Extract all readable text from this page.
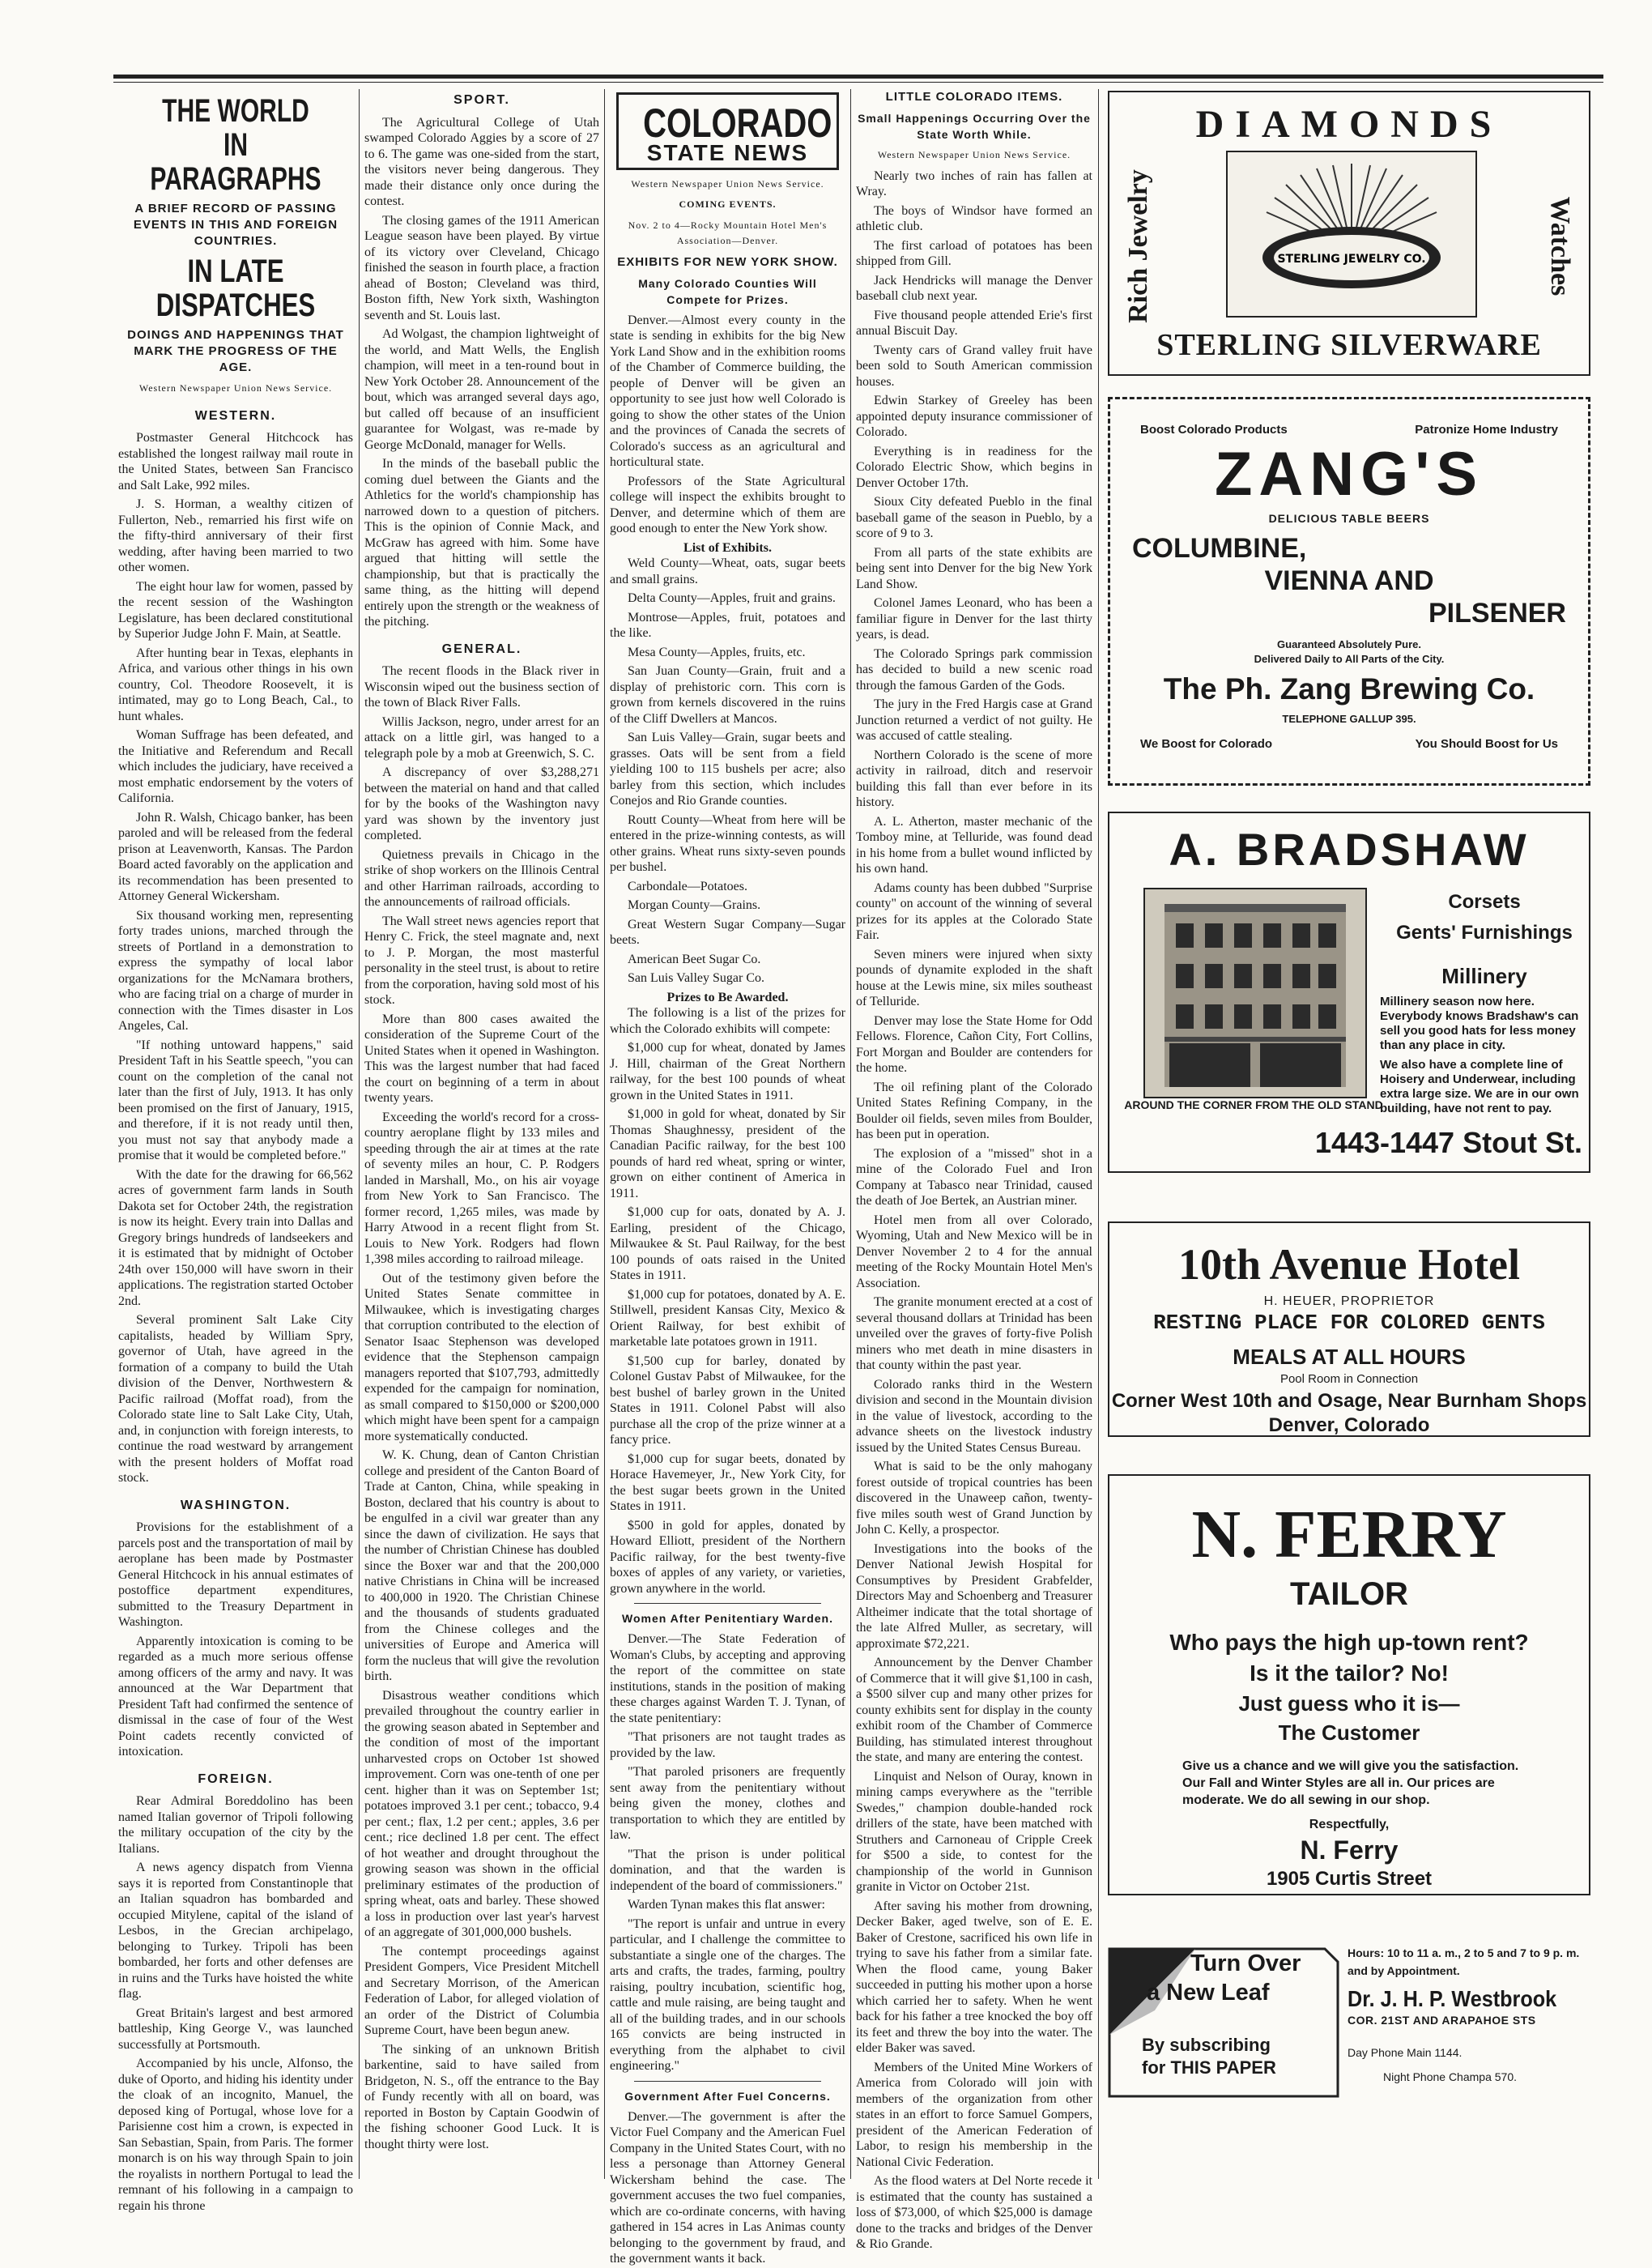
THE WORLD IN PARAGRAPHS
A BRIEF RECORD OF PASSING EVENTS IN THIS AND FOREIGN COUNTRIES.
IN LATE DISPATCHES
DOINGS AND HAPPENINGS THAT MARK THE PROGRESS OF THE AGE.
Western Newspaper Union News Service.
WESTERN.

Postmaster General Hitchcock has established the longest railway mail route in the United States, between San Francisco and Salt Lake, 992 miles.

J. S. Horman, a wealthy citizen of Fullerton, Neb., remarried his first wife on the fifty-third anniversary of their first wedding, after having been married to two other women.

The eight hour law for women, passed by the recent session of the Washington Legislature, has been declared constitutional by Superior Judge John F. Main, at Seattle.

After hunting bear in Texas, elephants in Africa, and various other things in his own country, Col. Theodore Roosevelt, it is intimated, may go to Long Beach, Cal., to hunt whales.

Woman Suffrage has been defeated, and the Initiative and Referendum and Recall which includes the judiciary, have received a most emphatic endorsement by the voters of California.

John R. Walsh, Chicago banker, has been paroled and will be released from the federal prison at Leavenworth, Kansas. The Pardon Board acted favorably on the application and its recommendation has been presented to Attorney General Wickersham.

Six thousand working men, representing forty trades unions, marched through the streets of Portland in a demonstration to express the sympathy of local labor organizations for the McNamara brothers, who are facing trial on a charge of murder in connection with the Times disaster in Los Angeles, Cal.

"If nothing untoward happens," said President Taft in his Seattle speech, "you can count on the completion of the canal not later than the first of July, 1913. It has only been promised on the first of January, 1915, and therefore, if it is not ready until then, you must not say that anybody made a promise that it would be completed before."

With the date for the drawing for 66,562 acres of government farm lands in South Dakota set for October 24th, the registration is now its height. Every train into Dallas and Gregory brings hundreds of landseekers and it is estimated that by midnight of October 24th over 150,000 will have sworn in their applications. The registration started October 2nd.

Several prominent Salt Lake City capitalists, headed by William Spry, governor of Utah, have agreed in the formation of a company to build the Utah division of the Denver, Northwestern & Pacific railroad (Moffat road), from the Colorado state line to Salt Lake City, Utah, and, in conjunction with foreign interests, to continue the road westward by arrangement with the present holders of Moffat road stock.

WASHINGTON.

Provisions for the establishment of a parcels post and the transportation of mail by aeroplane has been made by Postmaster General Hitchcock in his annual estimates of postoffice department expenditures, submitted to the Treasury Department in Washington.

Apparently intoxication is coming to be regarded as a much more serious offense among officers of the army and navy. It was announced at the War Department that President Taft had confirmed the sentence of dismissal in the case of four of the West Point cadets recently convicted of intoxication.

FOREIGN.

Rear Admiral Boreddolino has been named Italian governor of Tripoli following the military occupation of the city by the Italians.

A news agency dispatch from Vienna says it is reported from Constantinople that an Italian squadron has bombarded and occupied Mitylene, capital of the island of Lesbos, in the Grecian archipelago, belonging to Turkey. Tripoli has been bombarded, her forts and other defenses are in ruins and the Turks have hoisted the white flag.

Great Britain's largest and best armored battleship, King George V., was launched successfully at Portsmouth.

Accompanied by his uncle, Alfonso, the duke of Oporto, and hiding his identity under the cloak of an incognito, Manuel, the deposed king of Portugal, whose love for a Parisienne cost him a crown, is expected in San Sebastian, Spain, from Paris. The former monarch is on his way through Spain to join the royalists in northern Portugal to lead the remnant of his following in a campaign to regain his throne

SPORT.

The Agricultural College of Utah swamped Colorado Aggies by a score of 27 to 6. The game was one-sided from the start, the visitors never being dangerous. They made their distance only once during the contest.

The closing games of the 1911 American League season have been played. By virtue of its victory over Cleveland, Chicago finished the season in fourth place, a fraction ahead of Boston; Cleveland was third, Boston fifth, New York sixth, Washington seventh and St. Louis last.

Ad Wolgast, the champion lightweight of the world, and Matt Wells, the English champion, will meet in a ten-round bout in New York October 28. Announcement of the bout, which was arranged several days ago, but called off because of an insufficient guarantee for Wolgast, was re-made by George McDonald, manager for Wells.

In the minds of the baseball public the coming duel between the Giants and the Athletics for the world's championship has narrowed down to a question of pitchers. This is the opinion of Connie Mack, and McGraw has agreed with him. Some have argued that hitting will settle the championship, but that is practically the same thing, as the hitting will depend entirely upon the strength or the weakness of the pitching.

GENERAL.

The recent floods in the Black river in Wisconsin wiped out the business section of the town of Black River Falls.

Willis Jackson, negro, under arrest for an attack on a little girl, was hanged to a telegraph pole by a mob at Greenwich, S. C.

A discrepancy of over $3,288,271 between the material on hand and that called for by the books of the Washington navy yard was shown by the inventory just completed.

Quietness prevails in Chicago in the strike of shop workers on the Illinois Central and other Harriman railroads, according to the announcements of railroad officials.

The Wall street news agencies report that Henry C. Frick, the steel magnate and, next to J. P. Morgan, the most masterful personality in the steel trust, is about to retire from the corporation, having sold most of his stock.

More than 800 cases awaited the consideration of the Supreme Court of the United States when it opened in Washington. This was the largest number that had faced the court on beginning of a term in about twenty years.

Exceeding the world's record for a cross-country aeroplane flight by 133 miles and speeding through the air at times at the rate of seventy miles an hour, C. P. Rodgers landed in Marshall, Mo., on his air voyage from New York to San Francisco. The former record, 1,265 miles, was made by Harry Atwood in a recent flight from St. Louis to New York. Rodgers had flown 1,398 miles according to railroad mileage.

Out of the testimony given before the United States Senate committee in Milwaukee, which is investigating charges that corruption contributed to the election of Senator Isaac Stephenson was developed evidence that the Stephenson campaign managers reported that $107,793, admittedly expended for the campaign for nomination, as small compared to $150,000 or $200,000 which might have been spent for a campaign more systematically conducted.

W. K. Chung, dean of Canton Christian college and president of the Canton Board of Trade at Canton, China, while speaking in Boston, declared that his country is about to be engulfed in a civil war greater than any since the dawn of civilization. He says that the number of Christian Chinese has doubled since the Boxer war and that the 200,000 native Christians in China will be increased to 400,000 in 1920. The Christian Chinese and the thousands of students graduated from the Chinese colleges and the universities of Europe and America will form the nucleus that will give the revolution birth.

Disastrous weather conditions which prevailed throughout the country earlier in the growing season abated in September and the condition of most of the important unharvested crops on October 1st showed improvement. Corn was one-tenth of one per cent. higher than it was on September 1st; potatoes improved 3.1 per cent.; tobacco, 9.4 per cent.; flax, 1.2 per cent.; apples, 3.6 per cent.; rice declined 1.8 per cent. The effect of hot weather and drought throughout the growing season was shown in the official preliminary estimates of the production of spring wheat, oats and barley. These showed a loss in production over last year's harvest of an aggregate of 301,000,000 bushels.

The contempt proceedings against President Gompers, Vice President Mitchell and Secretary Morrison, of the American Federation of Labor, for alleged violation of an order of the District of Columbia Supreme Court, have been begun anew.

The sinking of an unknown British barkentine, said to have sailed from Bridgeton, N. S., off the entrance to the Bay of Fundy recently with all on board, was reported in Boston by Captain Goodwin of the fishing schooner Good Luck. It is thought thirty were lost.

COLORADO
STATE NEWS
Western Newspaper Union News Service.
COMING EVENTS.
Nov. 2 to 4—Rocky Mountain Hotel Men's Association—Denver.
EXHIBITS FOR NEW YORK SHOW.
Many Colorado Counties Will Compete for Prizes.

Denver.—Almost every county in the state is sending in exhibits for the big New York Land Show and in the exhibition rooms of the Chamber of Commerce building, the people of Denver will be given an opportunity to see just how well Colorado is going to show the other states of the Union and the provinces of Canada the secrets of Colorado's success as an agricultural and horticultural state.

Professors of the State Agricultural college will inspect the exhibits brought to Denver, and determine which of them are good enough to enter the New York show.

List of Exhibits.

Weld County—Wheat, oats, sugar beets and small grains.

Delta County—Apples, fruit and grains.

Montrose—Apples, fruit, potatoes and the like.

Mesa County—Apples, fruits, etc.

San Juan County—Grain, fruit and a display of prehistoric corn. This corn is grown from kernels discovered in the ruins of the Cliff Dwellers at Mancos.

San Luis Valley—Grain, sugar beets and grasses. Oats will be sent from a field yielding 100 to 115 bushels per acre; also barley from this section, which includes Conejos and Rio Grande counties.

Routt County—Wheat from here will be entered in the prize-winning contests, as will other grains. Wheat runs sixty-seven pounds per bushel.

Carbondale—Potatoes.

Morgan County—Grains.

Great Western Sugar Company—Sugar beets.

American Beet Sugar Co.

San Luis Valley Sugar Co.

Prizes to Be Awarded.

The following is a list of the prizes for which the Colorado exhibits will compete:

$1,000 cup for wheat, donated by James J. Hill, chairman of the Great Northern railway, for the best 100 pounds of wheat grown in the United States in 1911.

$1,000 in gold for wheat, donated by Sir Thomas Shaughnessy, president of the Canadian Pacific railway, for the best 100 pounds of hard red wheat, spring or winter, grown on either continent of America in 1911.

$1,000 cup for oats, donated by A. J. Earling, president of the Chicago, Milwaukee & St. Paul Railway, for the best 100 pounds of oats raised in the United States in 1911.

$1,000 cup for potatoes, donated by A. E. Stillwell, president Kansas City, Mexico & Orient Railway, for best exhibit of marketable late potatoes grown in 1911.

$1,500 cup for barley, donated by Colonel Gustav Pabst of Milwaukee, for the best bushel of barley grown in the United States in 1911. Colonel Pabst will also purchase all the crop of the prize winner at a fancy price.

$1,000 cup for sugar beets, donated by Horace Havemeyer, Jr., New York City, for the best sugar beets grown in the United States in 1911.

$500 in gold for apples, donated by Howard Elliott, president of the Northern Pacific railway, for the best twenty-five boxes of apples of any variety, or varieties, grown anywhere in the world.

Women After Penitentiary Warden.

Denver.—The State Federation of Woman's Clubs, by accepting and approving the report of the committee on state institutions, stands in the position of making these charges against Warden T. J. Tynan, of the state penitentiary:

"That prisoners are not taught trades as provided by the law.

"That paroled prisoners are frequently sent away from the penitentiary without being given the money, clothes and transportation to which they are entitled by law.

"That the prison is under political domination, and that the warden is independent of the board of commissioners."

Warden Tynan makes this flat answer:

"The report is unfair and untrue in every particular, and I challenge the committee to substantiate a single one of the charges. The arts and crafts, the trades, farming, poultry raising, poultry incubation, scientific hog, cattle and mule raising, are being taught and all of the building trades, and in our schools 165 convicts are being instructed in everything from the alphabet to civil engineering."

Government After Fuel Concerns.

Denver.—The government is after the Victor Fuel Company and the American Fuel Company in the United States Court, with no less a personage than Attorney General Wickersham behind the case. The government accuses the two fuel companies, which are co-ordinate concerns, with having gathered in 154 acres in Las Animas county belonging to the government by fraud, and the government wants it back.

LITTLE COLORADO ITEMS.
Small Happenings Occurring Over the State Worth While.
Western Newspaper Union News Service.

Nearly two inches of rain has fallen at Wray.

The boys of Windsor have formed an athletic club.

The first carload of potatoes has been shipped from Gill.

Jack Hendricks will manage the Denver baseball club next year.

Five thousand people attended Erie's first annual Biscuit Day.

Twenty cars of Grand valley fruit have been sold to South American commission houses.

Edwin Starkey of Greeley has been appointed deputy insurance commissioner of Colorado.

Everything is in readiness for the Colorado Electric Show, which begins in Denver October 17th.

Sioux City defeated Pueblo in the final baseball game of the season in Pueblo, by a score of 9 to 3.

From all parts of the state exhibits are being sent into Denver for the big New York Land Show.

Colonel James Leonard, who has been a familiar figure in Denver for the last thirty years, is dead.

The Colorado Springs park commission has decided to build a new scenic road through the famous Garden of the Gods.

The jury in the Fred Hargis case at Grand Junction returned a verdict of not guilty. He was accused of cattle stealing.

Northern Colorado is the scene of more activity in railroad, ditch and reservoir building this fall than ever before in its history.

A. L. Atherton, master mechanic of the Tomboy mine, at Telluride, was found dead in his home from a bullet wound inflicted by his own hand.

Adams county has been dubbed "Surprise county" on account of the winning of several prizes for its apples at the Colorado State Fair.

Seven miners were injured when sixty pounds of dynamite exploded in the shaft house at the Lewis mine, six miles southeast of Telluride.

Denver may lose the State Home for Odd Fellows. Florence, Cañon City, Fort Collins, Fort Morgan and Boulder are contenders for the home.

The oil refining plant of the Colorado United States Refining Company, in the Boulder oil fields, seven miles from Boulder, has been put in operation.

The explosion of a "missed" shot in a mine of the Colorado Fuel and Iron Company at Tabasco near Trinidad, caused the death of Joe Bertek, an Austrian miner.

Hotel men from all over Colorado, Wyoming, Utah and New Mexico will be in Denver November 2 to 4 for the annual meeting of the Rocky Mountain Hotel Men's Association.

The granite monument erected at a cost of several thousand dollars at Trinidad has been unveiled over the graves of forty-five Polish miners who met death in mine disasters in that county within the past year.

Colorado ranks third in the Western division and second in the Mountain division in the value of livestock, according to the advance sheets on the livestock industry issued by the United States Census Bureau.

What is said to be the only mahogany forest outside of tropical countries has been discovered in the Unaweep cañon, twenty-five miles south west of Grand Junction by John C. Kelly, a prospector.

Investigations into the books of the Denver National Jewish Hospital for Consumptives by President Grabfelder, Directors May and Schoenberg and Treasurer Altheimer indicate that the total shortage of the late Alfred Muller, as secretary, will approximate $72,221.

Announcement by the Denver Chamber of Commerce that it will give $1,100 in cash, a $500 silver cup and many other prizes for county exhibits sent for display in the county exhibit room of the Chamber of Commerce Building, has stimulated interest throughout the state, and many are entering the contest.

Linquist and Nelson of Ouray, known in mining camps everywhere as the "terrible Swedes," champion double-handed rock drillers of the state, have been matched with Struthers and Carnoneau of Cripple Creek for $500 a side, to contest for the championship of the world in Gunnison granite in Victor on October 21st.

After saving his mother from drowning, Decker Baker, aged twelve, son of E. E. Baker of Crestone, sacrificed his own life in trying to save his father from a similar fate. When the flood came, young Baker succeeded in putting his mother upon a horse which carried her to safety. When he went back for his father a tree knocked the boy off its feet and threw the boy into the water. The elder Baker was saved.

Members of the United Mine Workers of America from Colorado will join with members of the organization from other states in an effort to force Samuel Gompers, president of the American Federation of Labor, to resign his membership in the National Civic Federation.

As the flood waters at Del Norte recede it is estimated that the county has sustained a loss of $73,000, of which $25,000 is damage done to the tracks and bridges of the Denver & Rio Grande.

DIAMONDS
Rich Jewelry	Watches
STERLING JEWELRY CO.
STERLING SILVERWARE
Boost Colorado Products	Patronize Home Industry
ZANG'S
DELICIOUS TABLE BEERS
COLUMBINE,
VIENNA AND
PILSENER
Guaranteed Absolutely Pure.
Delivered Daily to All Parts of the City.
The Ph. Zang Brewing Co.
TELEPHONE GALLUP 395.
We Boost for Colorado	You Should Boost for Us
A. BRADSHAW
AROUND THE CORNER FROM THE OLD STAND
Corsets
Gents' Furnishings
Millinery
Millinery season now here. Everybody knows Bradshaw's can sell you good hats for less money than any place in city.
We also have a complete line of Hoisery and Underwear, including extra large size. We are in our own building, have not rent to pay.
1443-1447 Stout St.
10th Avenue Hotel
H. HEUER, PROPRIETOR
RESTING PLACE FOR COLORED GENTS
MEALS AT ALL HOURS
Pool Room in Connection
Corner West 10th and Osage, Near Burnham Shops
Denver, Colorado
N. FERRY
TAILOR
Who pays the high up-town rent?
Is it the tailor? No!
Just guess who it is—
The Customer
Give us a chance and we will give you the satisfaction. Our Fall and Winter Styles are all in. Our prices are moderate. We do all sewing in our shop.
Respectfully,
N. Ferry
1905 Curtis Street
Turn Over
a New Leaf
By subscribing
for THIS PAPER
Hours: 10 to 11 a. m., 2 to 5 and 7 to 9 p. m. and by Appointment.
Dr. J. H. P. Westbrook
COR. 21ST AND ARAPAHOE STS
Day Phone Main 1144.
Night Phone Champa 570.
